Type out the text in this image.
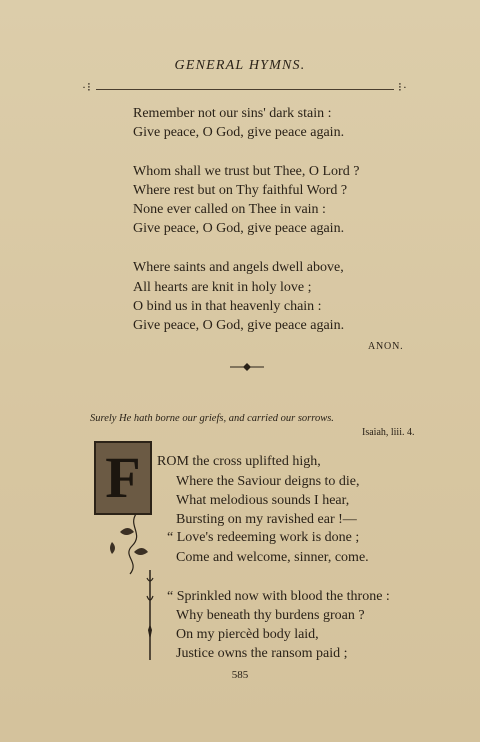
GENERAL HYMNS.
·⁝	⁝·
Remember not our sins' dark stain :
Give peace, O God, give peace again.
Whom shall we trust but Thee, O Lord ?
Where rest but on Thy faithful Word ?
None ever called on Thee in vain :
Give peace, O God, give peace again.
Where saints and angels dwell above,
All hearts are knit in holy love ;
O bind us in that heavenly chain :
Give peace, O God, give peace again.
ANON.
Surely He hath borne our griefs, and carried our sorrows.
Isaiah, liii. 4.
F ROM the cross uplifted high,
Where the Saviour deigns to die,
What melodious sounds I hear,
Bursting on my ravished ear !—
“ Love's redeeming work is done ;
Come and welcome, sinner, come.
“ Sprinkled now with blood the throne :
Why beneath thy burdens groan ?
On my piercèd body laid,
Justice owns the ransom paid ;
585
